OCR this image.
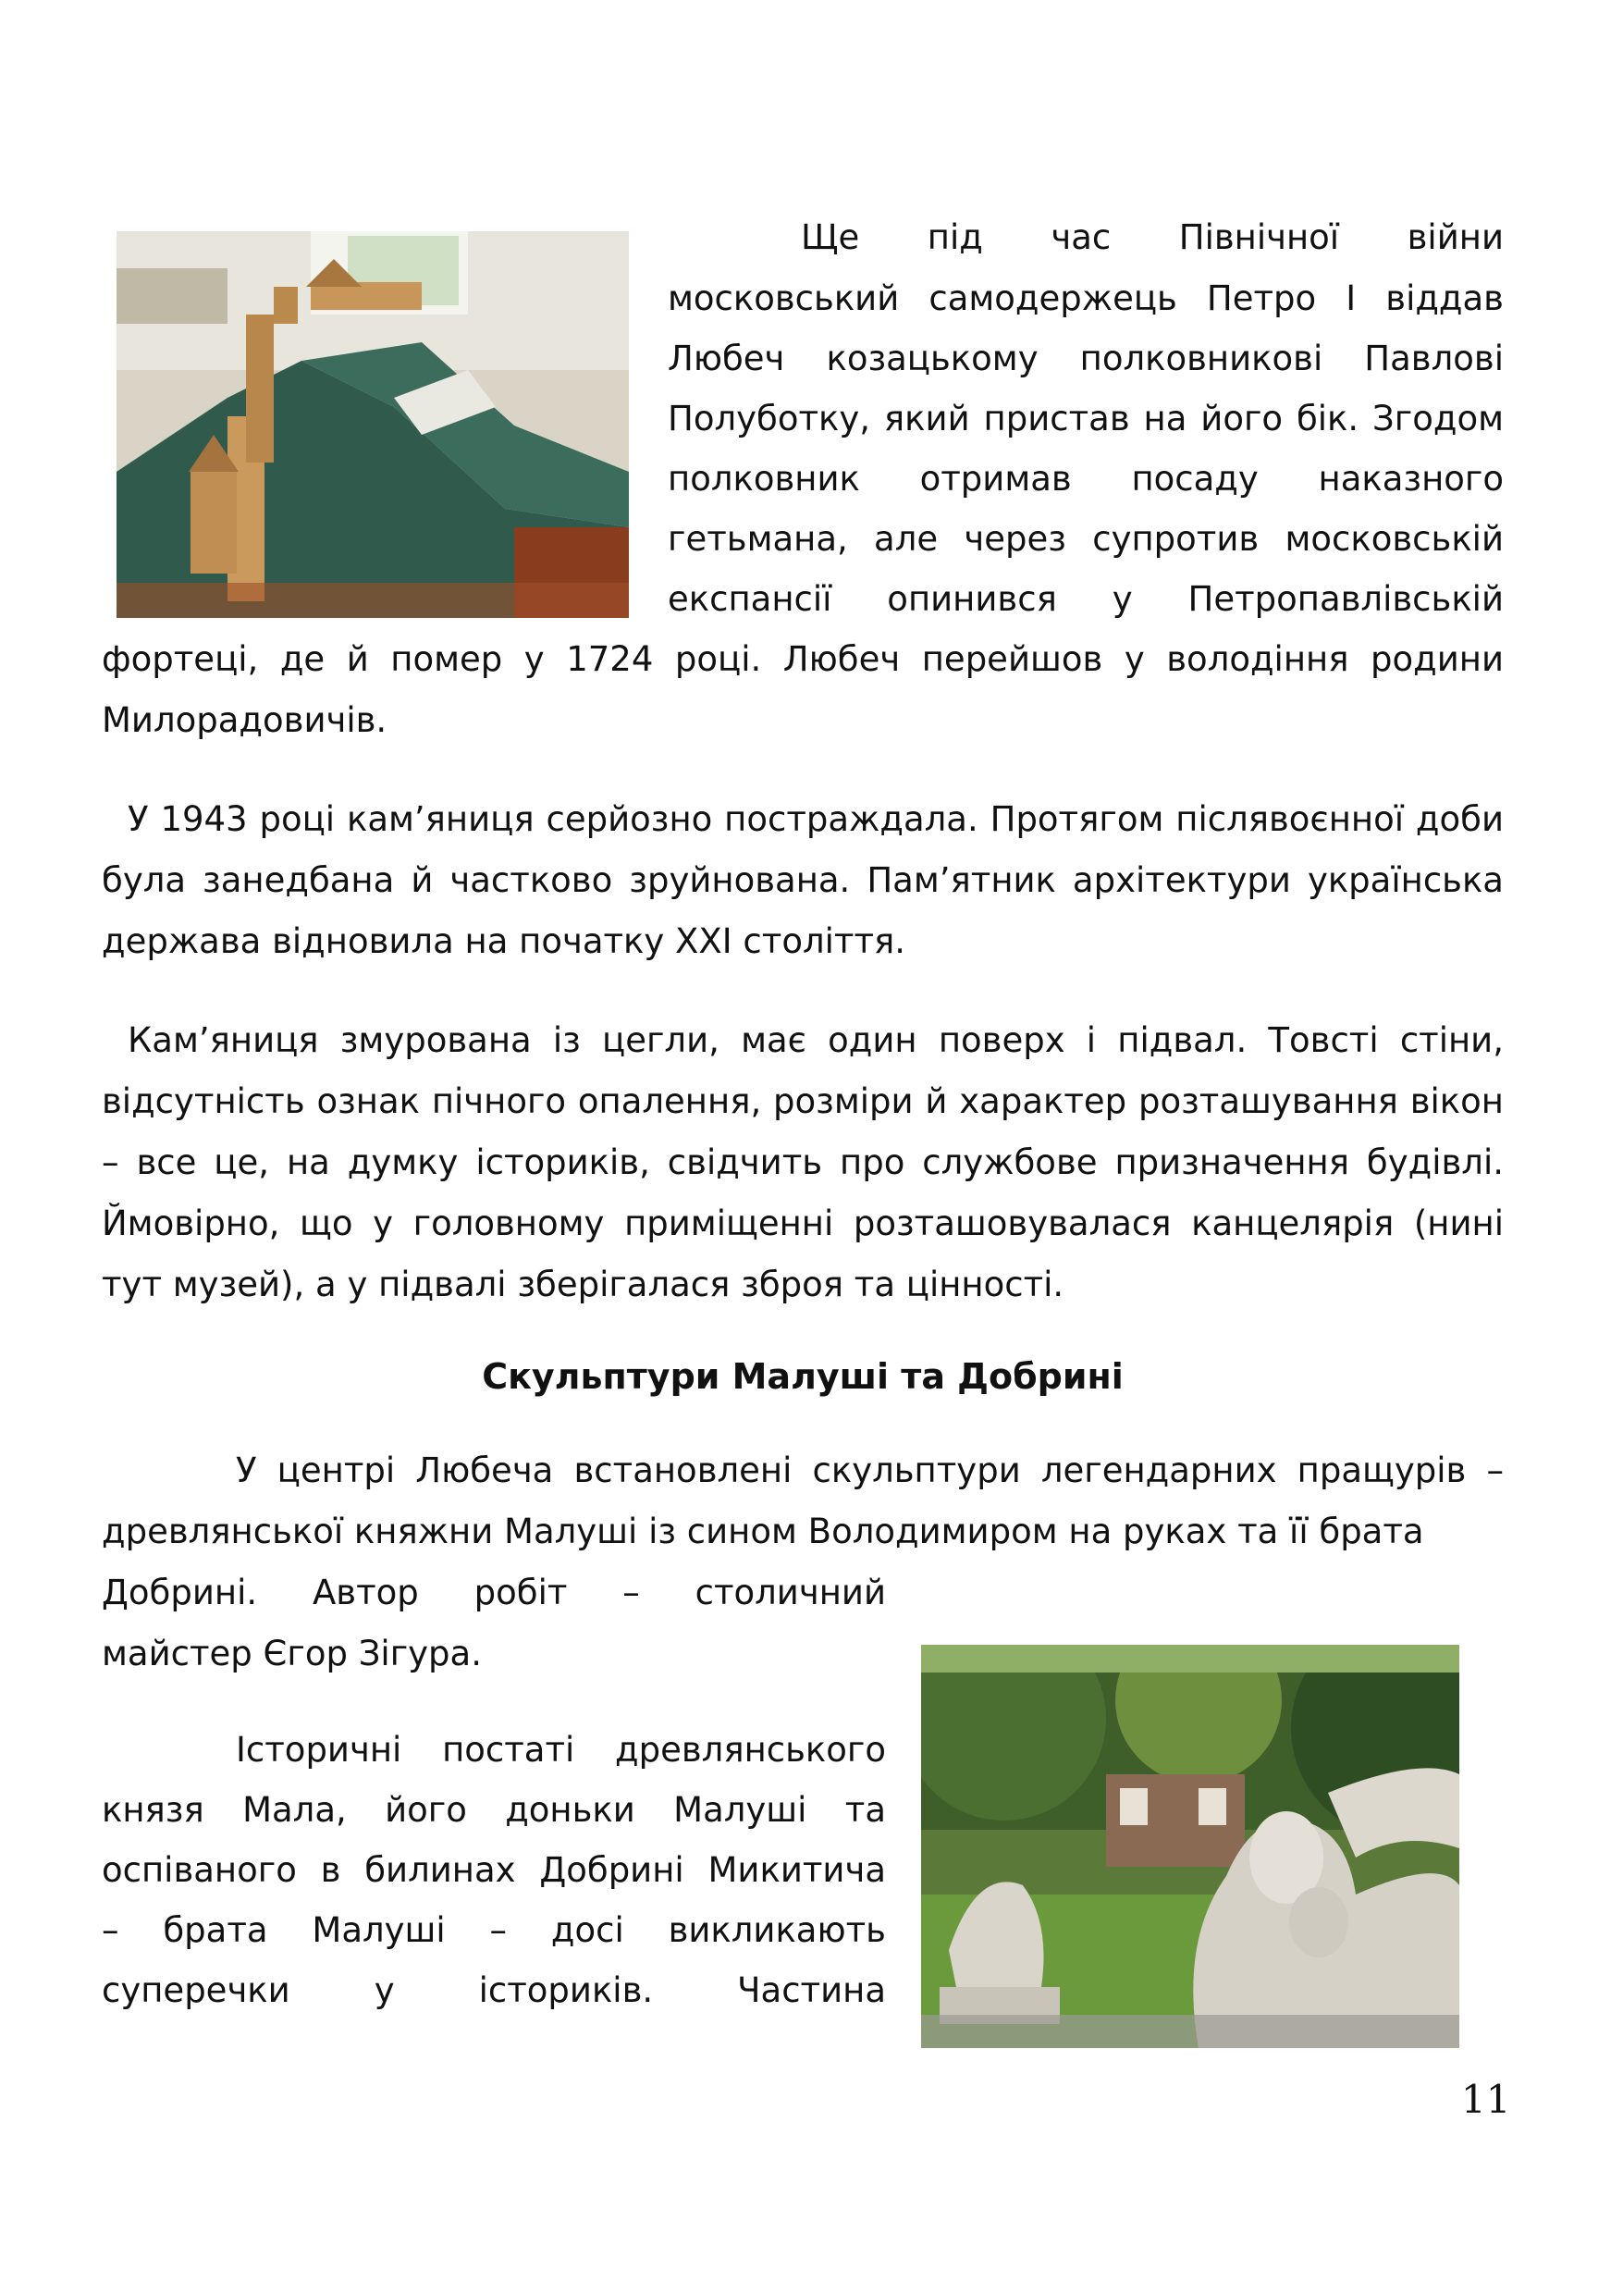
Ще під час Північної війни
московський самодержець Петро I віддав
Любеч козацькому полковникові Павлові
Полуботку, який пристав на його бік. Згодом
полковник отримав посаду наказного
гетьмана, але через супротив московській
експансії опинився у Петропавлівській
фортеці, де й помер у 1724 році. Любеч перейшов у володіння родини Милорадовичів.
У 1943 році кам’яниця серйозно постраждала. Протягом післявоєнної доби була занедбана й частково зруйнована. Пам’ятник архітектури українська держава відновила на початку XXI століття.
Кам’яниця змурована із цегли, має один поверх і підвал. Товсті стіни, відсутність ознак пічного опалення, розміри й характер розташування вікон – все це, на думку істориків, свідчить про службове призначення будівлі. Ймовірно, що у головному приміщенні розташовувалася канцелярія (нині тут музей), а у підвалі зберігалася зброя та цінності.
Скульптури Малуші та Добрині
У центрі Любеча встановлені скульптури легендарних пращурів – древлянської княжни Малуші із сином Володимиром на руках та її брата
Добрині. Автор робіт – столичний
майстер Єгор Зігура.
Історичні постаті древлянського
князя Мала, його доньки Малуші та
оспіваного в билинах Добрині Микитича
– брата Малуші – досі викликають
суперечки у істориків. Частина
11
